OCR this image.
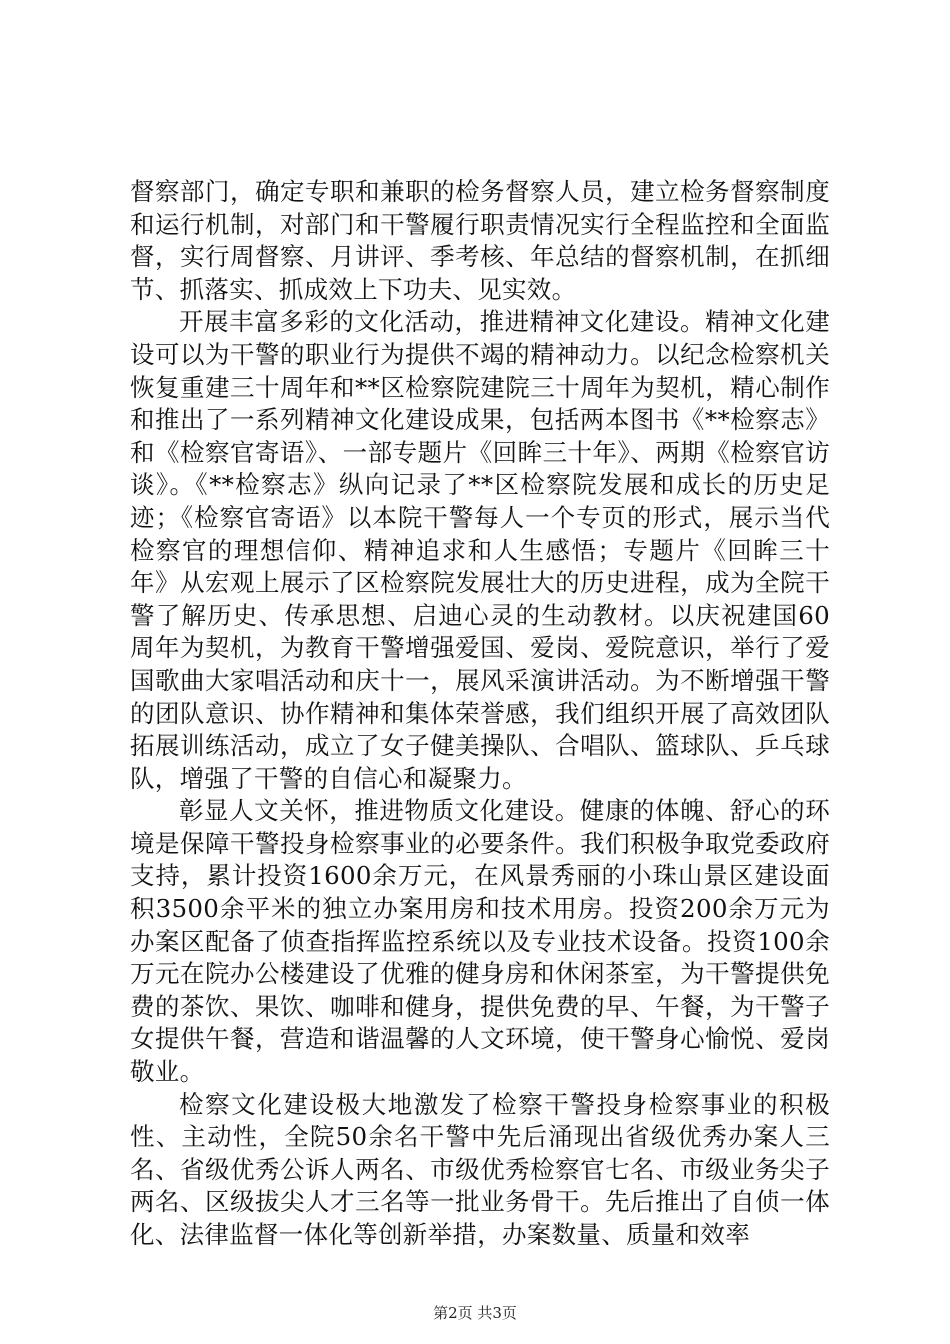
督察部门，确定专职和兼职的检务督察人员，建立检务督察制度和运行机制，对部门和干警履行职责情况实行全程监控和全面监督，实行周督察、月讲评、季考核、年总结的督察机制，在抓细节、抓落实、抓成效上下功夫、见实效。

开展丰富多彩的文化活动，推进精神文化建设。精神文化建设可以为干警的职业行为提供不竭的精神动力。以纪念检察机关恢复重建三十周年和**区检察院建院三十周年为契机，精心制作和推出了一系列精神文化建设成果，包括两本图书《**检察志》和《检察官寄语》、一部专题片《回眸三十年》、两期《检察官访谈》。《**检察志》纵向记录了**区检察院发展和成长的历史足迹；《检察官寄语》以本院干警每人一个专页的形式，展示当代检察官的理想信仰、精神追求和人生感悟；专题片《回眸三十年》从宏观上展示了区检察院发展壮大的历史进程，成为全院干警了解历史、传承思想、启迪心灵的生动教材。以庆祝建国60周年为契机，为教育干警增强爱国、爱岗、爱院意识，举行了爱国歌曲大家唱活动和庆十一，展风采演讲活动。为不断增强干警的团队意识、协作精神和集体荣誉感，我们组织开展了高效团队拓展训练活动，成立了女子健美操队、合唱队、篮球队、乒乓球队，增强了干警的自信心和凝聚力。

彰显人文关怀，推进物质文化建设。健康的体魄、舒心的环境是保障干警投身检察事业的必要条件。我们积极争取党委政府支持，累计投资1600余万元，在风景秀丽的小珠山景区建设面积3500余平米的独立办案用房和技术用房。投资200余万元为办案区配备了侦查指挥监控系统以及专业技术设备。投资100余万元在院办公楼建设了优雅的健身房和休闲茶室，为干警提供免费的茶饮、果饮、咖啡和健身，提供免费的早、午餐，为干警子女提供午餐，营造和谐温馨的人文环境，使干警身心愉悦、爱岗敬业。

检察文化建设极大地激发了检察干警投身检察事业的积极性、主动性，全院50余名干警中先后涌现出省级优秀办案人三名、省级优秀公诉人两名、市级优秀检察官七名、市级业务尖子两名、区级拔尖人才三名等一批业务骨干。先后推出了自侦一体化、法律监督一体化等创新举措，办案数量、质量和效率

第2页 共3页
